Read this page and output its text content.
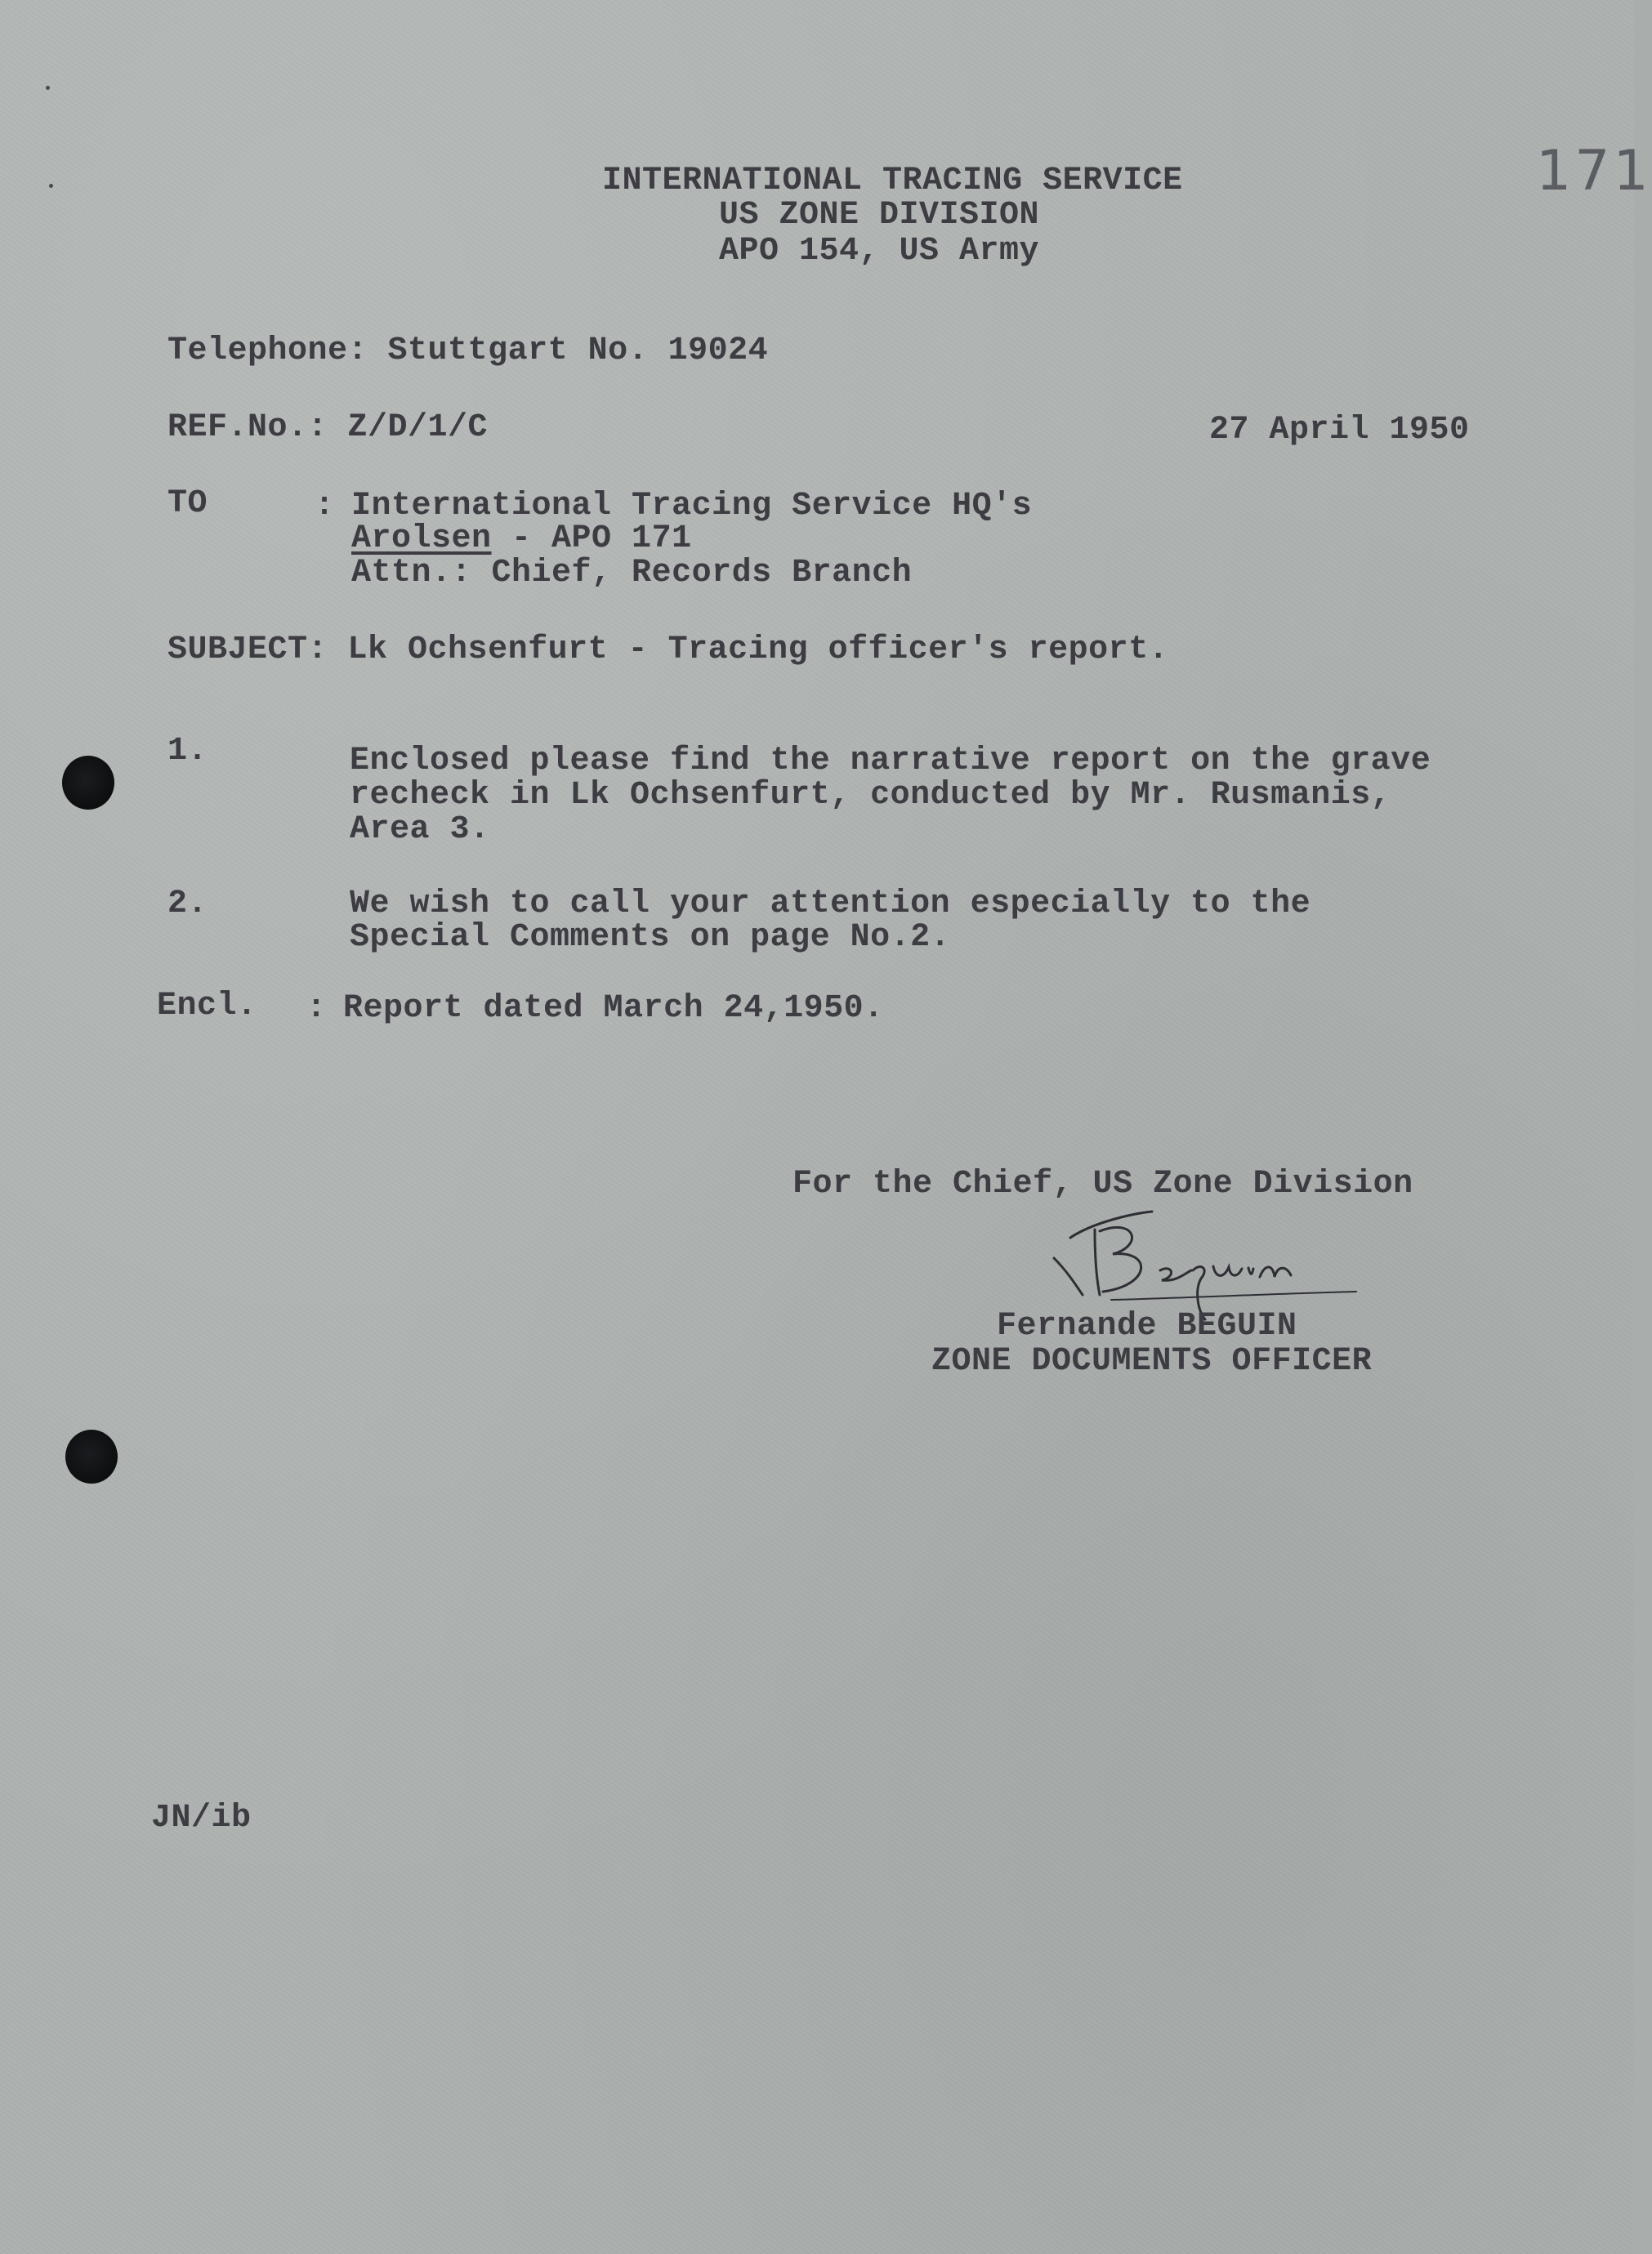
171
INTERNATIONAL TRACING SERVICE
US ZONE DIVISION
APO 154, US Army
Telephone: Stuttgart No. 19024
REF.No.: Z/D/1/C	27 April 1950
TO	: International Tracing Service HQ's
Arolsen - APO 171
Attn.: Chief, Records Branch
SUBJECT: Lk Ochsenfurt - Tracing officer's report.
1.	Enclosed please find the narrative report on the grave
recheck in Lk Ochsenfurt, conducted by Mr. Rusmanis,
Area 3.
2.	We wish to call your attention especially to the
Special Comments on page No.2.
Encl. : Report dated March 24,1950.
For the Chief, US Zone Division
Fernande BEGUIN
ZONE DOCUMENTS OFFICER
JN/ib
